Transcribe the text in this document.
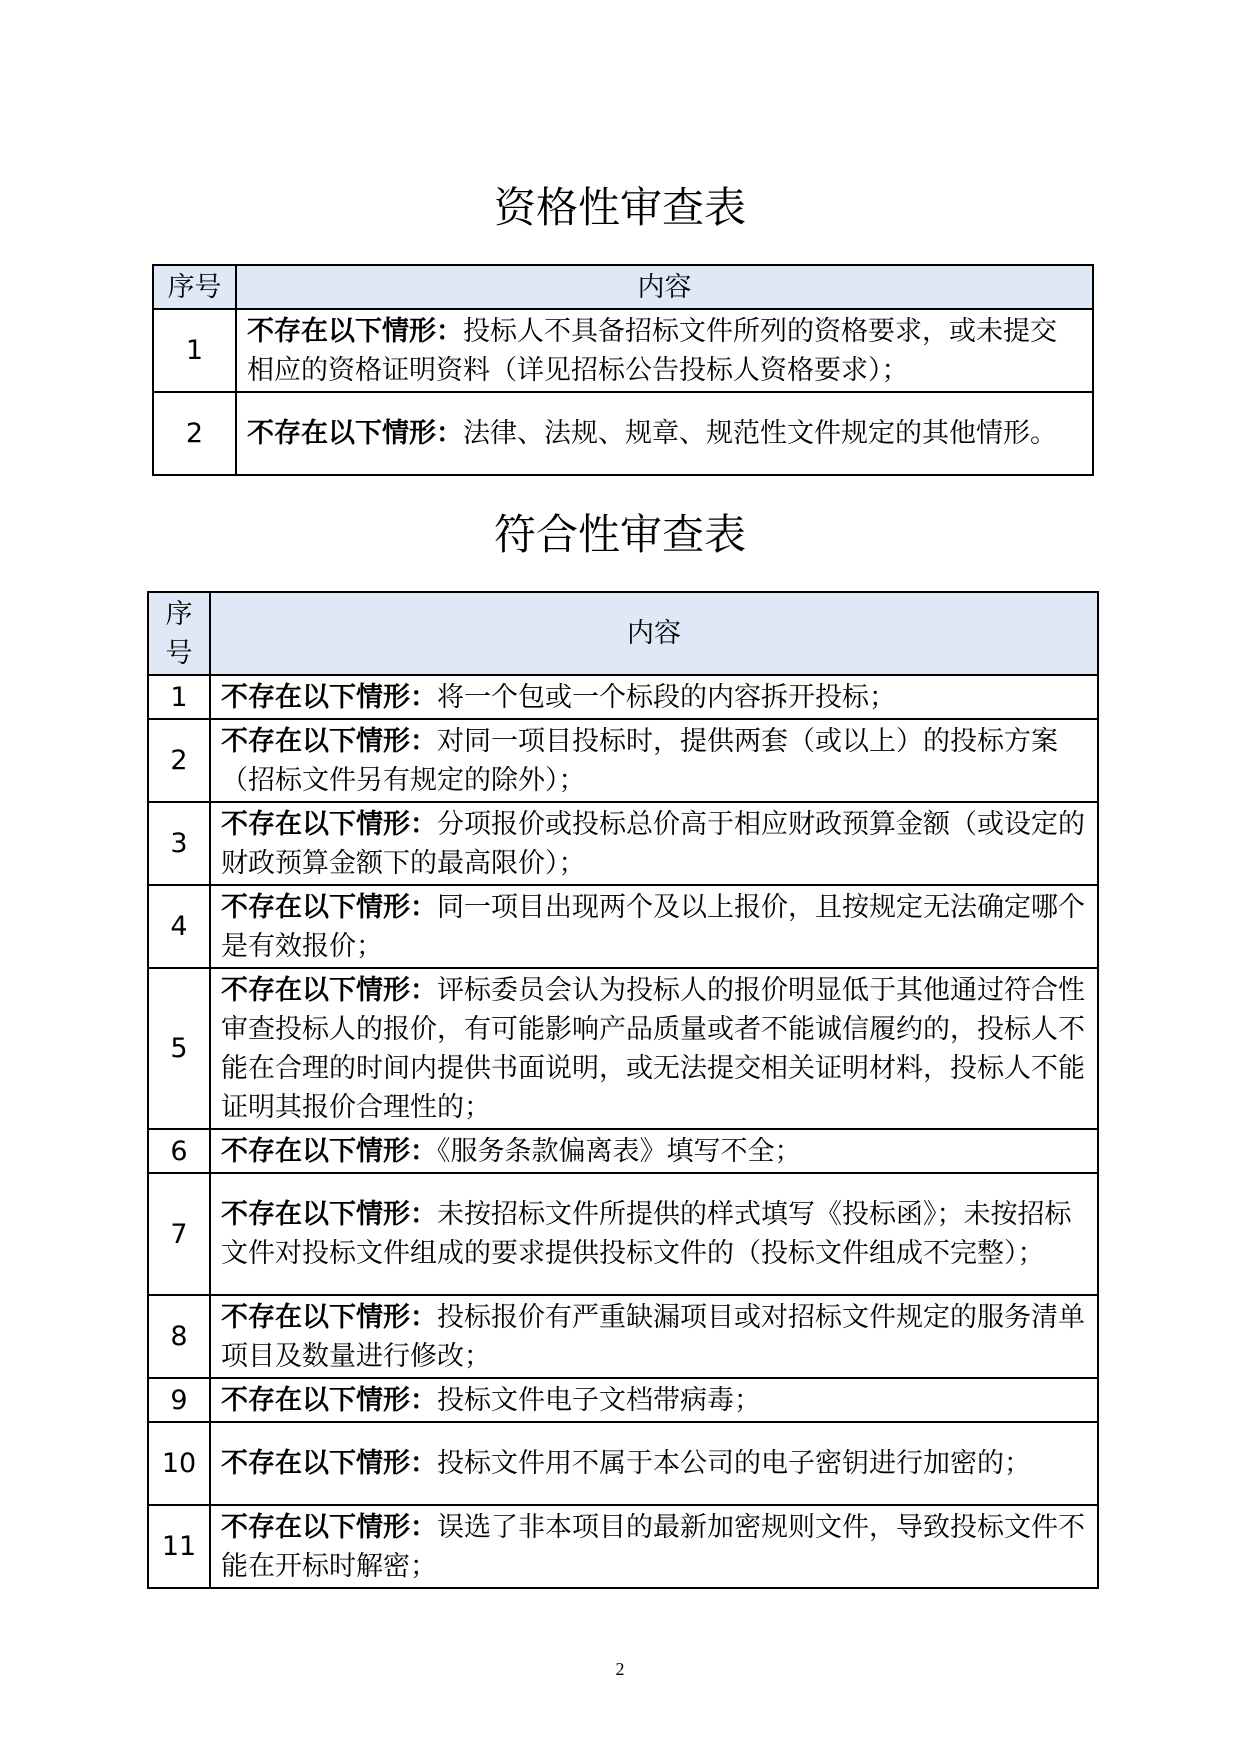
资格性审查表
序号	内容
1	不存在以下情形：投标人不具备招标文件所列的资格要求，或未提交相应的资格证明资料（详见招标公告投标人资格要求）；
2	不存在以下情形：法律、法规、规章、规范性文件规定的其他情形。
符合性审查表
序号	内容
1	不存在以下情形：将一个包或一个标段的内容拆开投标；
2	不存在以下情形：对同一项目投标时，提供两套（或以上）的投标方案（招标文件另有规定的除外）；
3	不存在以下情形：分项报价或投标总价高于相应财政预算金额（或设定的财政预算金额下的最高限价）；
4	不存在以下情形：同一项目出现两个及以上报价，且按规定无法确定哪个是有效报价；
5	不存在以下情形：评标委员会认为投标人的报价明显低于其他通过符合性审查投标人的报价，有可能影响产品质量或者不能诚信履约的，投标人不能在合理的时间内提供书面说明，或无法提交相关证明材料，投标人不能证明其报价合理性的；
6	不存在以下情形：《服务条款偏离表》填写不全；
7	不存在以下情形：未按招标文件所提供的样式填写《投标函》；未按招标文件对投标文件组成的要求提供投标文件的（投标文件组成不完整）；
8	不存在以下情形：投标报价有严重缺漏项目或对招标文件规定的服务清单项目及数量进行修改；
9	不存在以下情形：投标文件电子文档带病毒；
10	不存在以下情形：投标文件用不属于本公司的电子密钥进行加密的；
11	不存在以下情形：误选了非本项目的最新加密规则文件，导致投标文件不能在开标时解密；
2
